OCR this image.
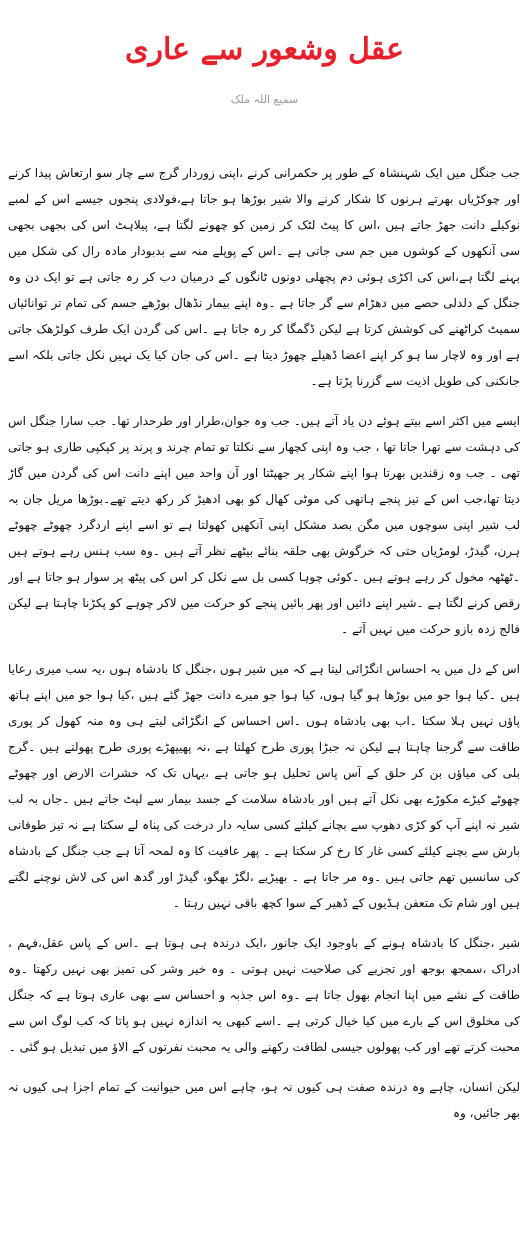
عقل وشعور سے عاری
سمیع اللہ ملک

جب جنگل میں ایک شہنشاہ کے طور پر حکمرانی کرنے ،اپنی زوردار گرج سے چار سو ارتعاش پیدا کرنے اور چوکڑیاں بھرتے ہرنوں کا شکار کرنے والا شیر بوڑھا ہو جاتا ہے،فولادی پنجوں جیسے اس کے لمبے نوکیلے دانت جھڑ جاتے ہیں ،اس کا پیٹ لٹک کر زمین کو چھونے لگتا ہے، پیلاہٹ اس کی بجھی بجھی سی آنکھوں کے کوشوں میں جم سی جاتی ہے ۔اس کے پوپلے منہ سے بدبودار مادہ رال کی شکل میں بہنے لگتا ہے،اس کی اکڑی ہوئی دم پچھلی دونوں ٹانگوں کے درمیان دب کر رہ جاتی ہے تو ایک دن وہ جنگل کے دلدلی حصے میں دھڑام سے گر جاتا ہے ۔وہ اپنے بیمار نڈھال بوڑھے جسم کی تمام تر توانائیاں سمیٹ کراٹھنے کی کوشش کرتا ہے لیکن ڈگمگا کر رہ جاتا ہے ۔اس کی گردن ایک طرف کولڑھک جاتی ہے اور وہ لاچار سا ہو کر اپنے اعضا ڈھیلے چھوڑ دیتا ہے ۔اس کی جان کیا یک نہیں نکل جاتی بلکہ اسے جانکنی کی طویل اذیت سے گزرنا پڑتا ہے۔

ایسے میں اکثر اسے بیتے ہوئے دن یاد آتے ہیں۔ جب وہ جوان،طرار اور طرحدار تھا۔ جب سارا جنگل اس کی دہشت سے تھرا جاتا تھا ، جب وہ اپنی کچھار سے نکلتا تو تمام چرند و پرند پر کپکپی طاری ہو جاتی تھی ۔ جب وہ زقندیں بھرتا ہوا اپنے شکار پر جھپٹتا اور آن واحد میں اپنے دانت اس کی گردن میں گاڑ دیتا تھا،جب اس کے تیز پنجے ہاتھی کی موٹی کھال کو بھی ادھیڑ کر رکھ دیتے تھے۔بوڑھا مریل جان بہ لب شیر اپنی سوچوں میں مگن بصد مشکل اپنی آنکھیں کھولتا ہے تو اسے اپنے اردگرد چھوٹے چھوٹے ہرن، گیدڑ، لومڑیاں حتی کہ خرگوش بھی حلقہ بنائے بیٹھے نظر آتے ہیں ۔وہ سب ہنس رہے ہوتے ہیں ۔ٹھٹھہ مخول کر رہے ہوتے ہیں ۔کوئی چوہا کسی بل سے نکل کر اس کی پیٹھ پر سوار ہو جاتا ہے اور رقص کرنے لگتا ہے ۔شیر اپنے دائیں اور پھر بائیں پنجے کو حرکت میں لاکر چوہے کو پکڑنا چاہتا ہے لیکن فالج زدہ بازو حرکت میں نہیں آتے ۔

اس کے دل میں یہ احساس انگڑائی لیتا ہے کہ میں شیر ہوں ،جنگل کا بادشاہ ہوں ،یہ سب میری رعایا ہیں ۔کیا ہوا جو میں بوڑھا ہو گیا ہوں، کیا ہوا جو میرے دانت جھڑ گئے ہیں ،کیا ہوا جو میں اپنے ہاتھ پاؤں نہیں ہلا سکتا ۔اب بھی بادشاہ ہوں ۔اس احساس کے انگڑائی لیتے ہی وہ منہ کھول کر پوری طاقت سے گرجنا چاہتا ہے لیکن نہ جبڑا پوری طرح کھلتا ہے ،نہ پھیپھڑے پوری طرح پھولتے ہیں ۔گرج بلی کی میاؤں بن کر حلق کے آس پاس تحلیل ہو جاتی ہے ،یہاں تک کہ حشرات الارض اور چھوٹے چھوٹے کیڑے مکوڑے بھی نکل آتے ہیں اور بادشاہ سلامت کے جسد بیمار سے لپٹ جاتے ہیں ۔جاں بہ لب شیر نہ اپنے آپ کو کڑی دھوپ سے بچانے کیلئے کسی سایہ دار درخت کی پناہ لے سکتا ہے نہ تیز طوفانی بارش سے بچنے کیلئے کسی غار کا رخ کر سکتا ہے ۔ پھر عافیت کا وہ لمحہ آتا ہے جب جنگل کے بادشاہ کی سانسیں تھم جاتی ہیں ۔وہ مر جاتا ہے ۔ بھیڑیے ،لگڑ بھگو، گیدڑ اور گدھ اس کی لاش نوچنے لگتے ہیں اور شام تک متعفن ہڈیوں کے ڈھیر کے سوا کچھ باقی نہیں رہتا ۔

شیر ،جنگل کا بادشاہ ہونے کے باوجود ایک جانور ،ایک درندہ ہی ہوتا ہے ۔اس کے پاس عقل،فہم ، ادراک ،سمجھ بوجھ اور تجزیے کی صلاحیت نہیں ہوتی ۔ وہ خیر وشر کی تمیز بھی نہیں رکھتا ۔وہ طاقت کے نشے میں اپنا انجام بھول جاتا ہے ۔وہ اس جذبہ و احساس سے بھی عاری ہوتا ہے کہ جنگل کی مخلوق اس کے بارے میں کیا خیال کرتی ہے ۔اسے کبھی یہ اندازہ نہیں ہو پاتا کہ کب لوگ اس سے محبت کرتے تھے اور کب پھولوں جیسی لطافت رکھنے والی یہ محبت نفرتوں کے الاؤ میں تبدیل ہو گئی ۔

لیکن انسان، چاہے وہ درندہ صفت ہی کیوں نہ ہو، چاہے اس میں حیوانیت کے تمام اجزا ہی کیوں نہ بھر جائیں، وہ
